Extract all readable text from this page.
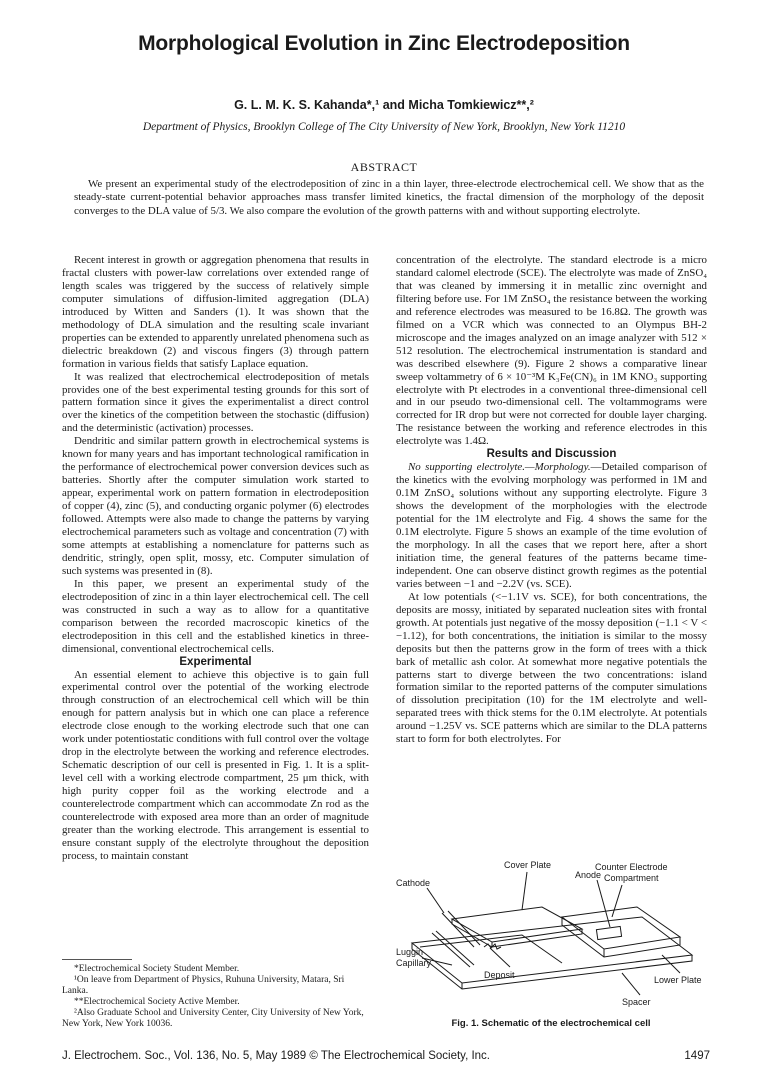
Morphological Evolution in Zinc Electrodeposition
G. L. M. K. S. Kahanda*,¹ and Micha Tomkiewicz**,²
Department of Physics, Brooklyn College of The City University of New York, Brooklyn, New York 11210
ABSTRACT
We present an experimental study of the electrodeposition of zinc in a thin layer, three-electrode electrochemical cell. We show that as the steady-state current-potential behavior approaches mass transfer limited kinetics, the fractal dimension of the morphology of the deposit converges to the DLA value of 5/3. We also compare the evolution of the growth patterns with and without supporting electrolyte.

Recent interest in growth or aggregation phenomena that results in fractal clusters with power-law correlations over extended range of length scales was triggered by the success of relatively simple computer simulations of diffusion-limited aggregation (DLA) introduced by Witten and Sanders (1). It was shown that the methodology of DLA simulation and the resulting scale invariant properties can be extended to apparently unrelated phenomena such as dielectric breakdown (2) and viscous fingers (3) through pattern formation in various fields that satisfy Laplace equation.

It was realized that electrochemical electrodeposition of metals provides one of the best experimental testing grounds for this sort of pattern formation since it gives the experimentalist a direct control over the kinetics of the competition between the stochastic (diffusion) and the deterministic (activation) processes.

Dendritic and similar pattern growth in electrochemical systems is known for many years and has important technological ramification in the performance of electrochemical power conversion devices such as batteries. Shortly after the computer simulation work started to appear, experimental work on pattern formation in electrodeposition of copper (4), zinc (5), and conducting organic polymer (6) electrodes followed. Attempts were also made to change the patterns by varying electrochemical parameters such as voltage and concentration (7) with some attempts at establishing a nomenclature for patterns such as dendritic, stringly, open split, mossy, etc. Computer simulation of such systems was presented in (8).

In this paper, we present an experimental study of the electrodeposition of zinc in a thin layer electrochemical cell. The cell was constructed in such a way as to allow for a quantitative comparison between the recorded macroscopic kinetics of the electrodeposition in this cell and the established kinetics in three-dimensional, conventional electrochemical cells.

Experimental

An essential element to achieve this objective is to gain full experimental control over the potential of the working electrode through construction of an electrochemical cell which will be thin enough for pattern analysis but in which one can place a reference electrode close enough to the working electrode such that one can work under potentiostatic conditions with full control over the voltage drop in the electrolyte between the working and reference electrodes. Schematic description of our cell is presented in Fig. 1. It is a split-level cell with a working electrode compartment, 25 μm thick, with high purity copper foil as the working electrode and a counterelectrode compartment which can accommodate Zn rod as the counterelectrode with exposed area more than an order of magnitude greater than the working electrode. This arrangement is essential to ensure constant supply of the electrolyte throughout the deposition process, to maintain constant

*Electrochemical Society Student Member.
¹On leave from Department of Physics, Ruhuna University, Matara, Sri Lanka.
**Electrochemical Society Active Member.
²Also Graduate School and University Center, City University of New York, New York, New York 10036.

concentration of the electrolyte. The standard electrode is a micro standard calomel electrode (SCE). The electrolyte was made of ZnSO₄ that was cleaned by immersing it in metallic zinc overnight and filtering before use. For 1M ZnSO₄ the resistance between the working and reference electrodes was measured to be 16.8Ω. The growth was filmed on a VCR which was connected to an Olympus BH-2 microscope and the images analyzed on an image analyzer with 512 × 512 resolution. The electrochemical instrumentation is standard and was described elsewhere (9). Figure 2 shows a comparative linear sweep voltammetry of 6 × 10⁻³M K₃Fe(CN)₆ in 1M KNO₃ supporting electrolyte with Pt electrodes in a conventional three-dimensional cell and in our pseudo two-dimensional cell. The voltammograms were corrected for IR drop but were not corrected for double layer charging. The resistance between the working and reference electrodes in this electrolyte was 1.4Ω.

Results and Discussion

No supporting electrolyte.—Morphology.—Detailed comparison of the kinetics with the evolving morphology was performed in 1M and 0.1M ZnSO₄ solutions without any supporting electrolyte. Figure 3 shows the development of the morphologies with the electrode potential for the 1M electrolyte and Fig. 4 shows the same for the 0.1M electrolyte. Figure 5 shows an example of the time evolution of the morphology. In all the cases that we report here, after a short initiation time, the general features of the patterns became time-independent. One can observe distinct growth regimes as the potential varies between −1 and −2.2V (vs. SCE).

At low potentials (<−1.1V vs. SCE), for both concentrations, the deposits are mossy, initiated by separated nucleation sites with frontal growth. At potentials just negative of the mossy deposition (−1.1 < V < −1.12), for both concentrations, the initiation is similar to the mossy deposits but then the patterns grow in the form of trees with a thick bark of metallic ash color. At somewhat more negative potentials the patterns start to diverge between the two concentrations: island formation similar to the reported patterns of the computer simulations of dissolution precipitation (10) for the 1M electrolyte and well-separated trees with thick stems for the 0.1M electrolyte. At potentials around −1.25V vs. SCE patterns which are similar to the DLA patterns start to form for both electrolytes. For

Cover Plate	Counter Electrode
Compartment
Cathode
Anode
Luggin
Capillary
Deposit	Lower Plate
Spacer
Fig. 1. Schematic of the electrochemical cell
J. Electrochem. Soc., Vol. 136, No. 5, May 1989 © The Electrochemical Society, Inc.	1497
